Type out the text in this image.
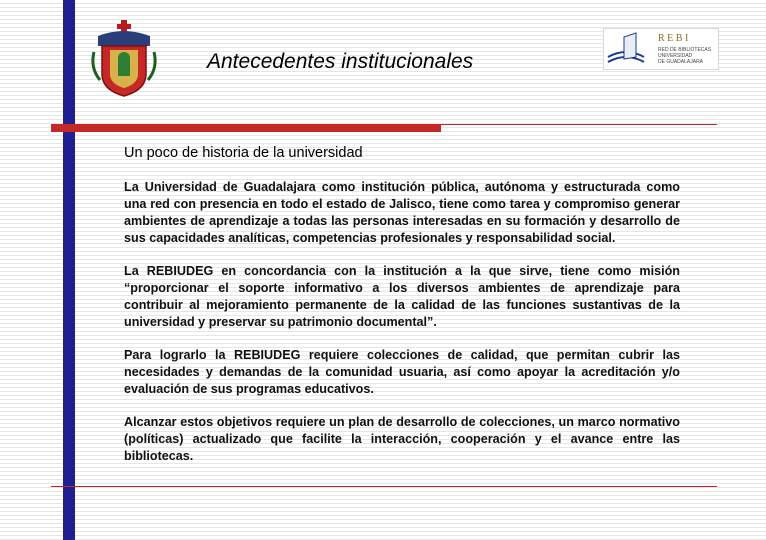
Antecedentes institucionales
R E B I
RED DE BIBLIOTECAS
UNIVERSIDAD
DE GUADALAJARA

Un poco de historia de la universidad

La Universidad de Guadalajara como institución pública, autónoma y estructurada como una red con presencia en todo el estado de Jalisco, tiene como tarea y compromiso generar ambientes de aprendizaje a todas las personas interesadas en su formación y desarrollo de sus capacidades analíticas, competencias profesionales y responsabilidad social.

La REBIUDEG en concordancia con la institución a la que sirve, tiene como misión “proporcionar el soporte informativo a los diversos ambientes de aprendizaje para contribuir al mejoramiento permanente de la calidad de las funciones sustantivas de la universidad y preservar su patrimonio documental”.

Para lograrlo la REBIUDEG requiere colecciones de calidad, que permitan cubrir las necesidades y demandas de la comunidad usuaria, así como apoyar la acreditación y/o evaluación de sus programas educativos.

Alcanzar estos objetivos requiere un plan de desarrollo de colecciones, un marco normativo (políticas) actualizado que facilite la interacción, cooperación y el avance entre las bibliotecas.
